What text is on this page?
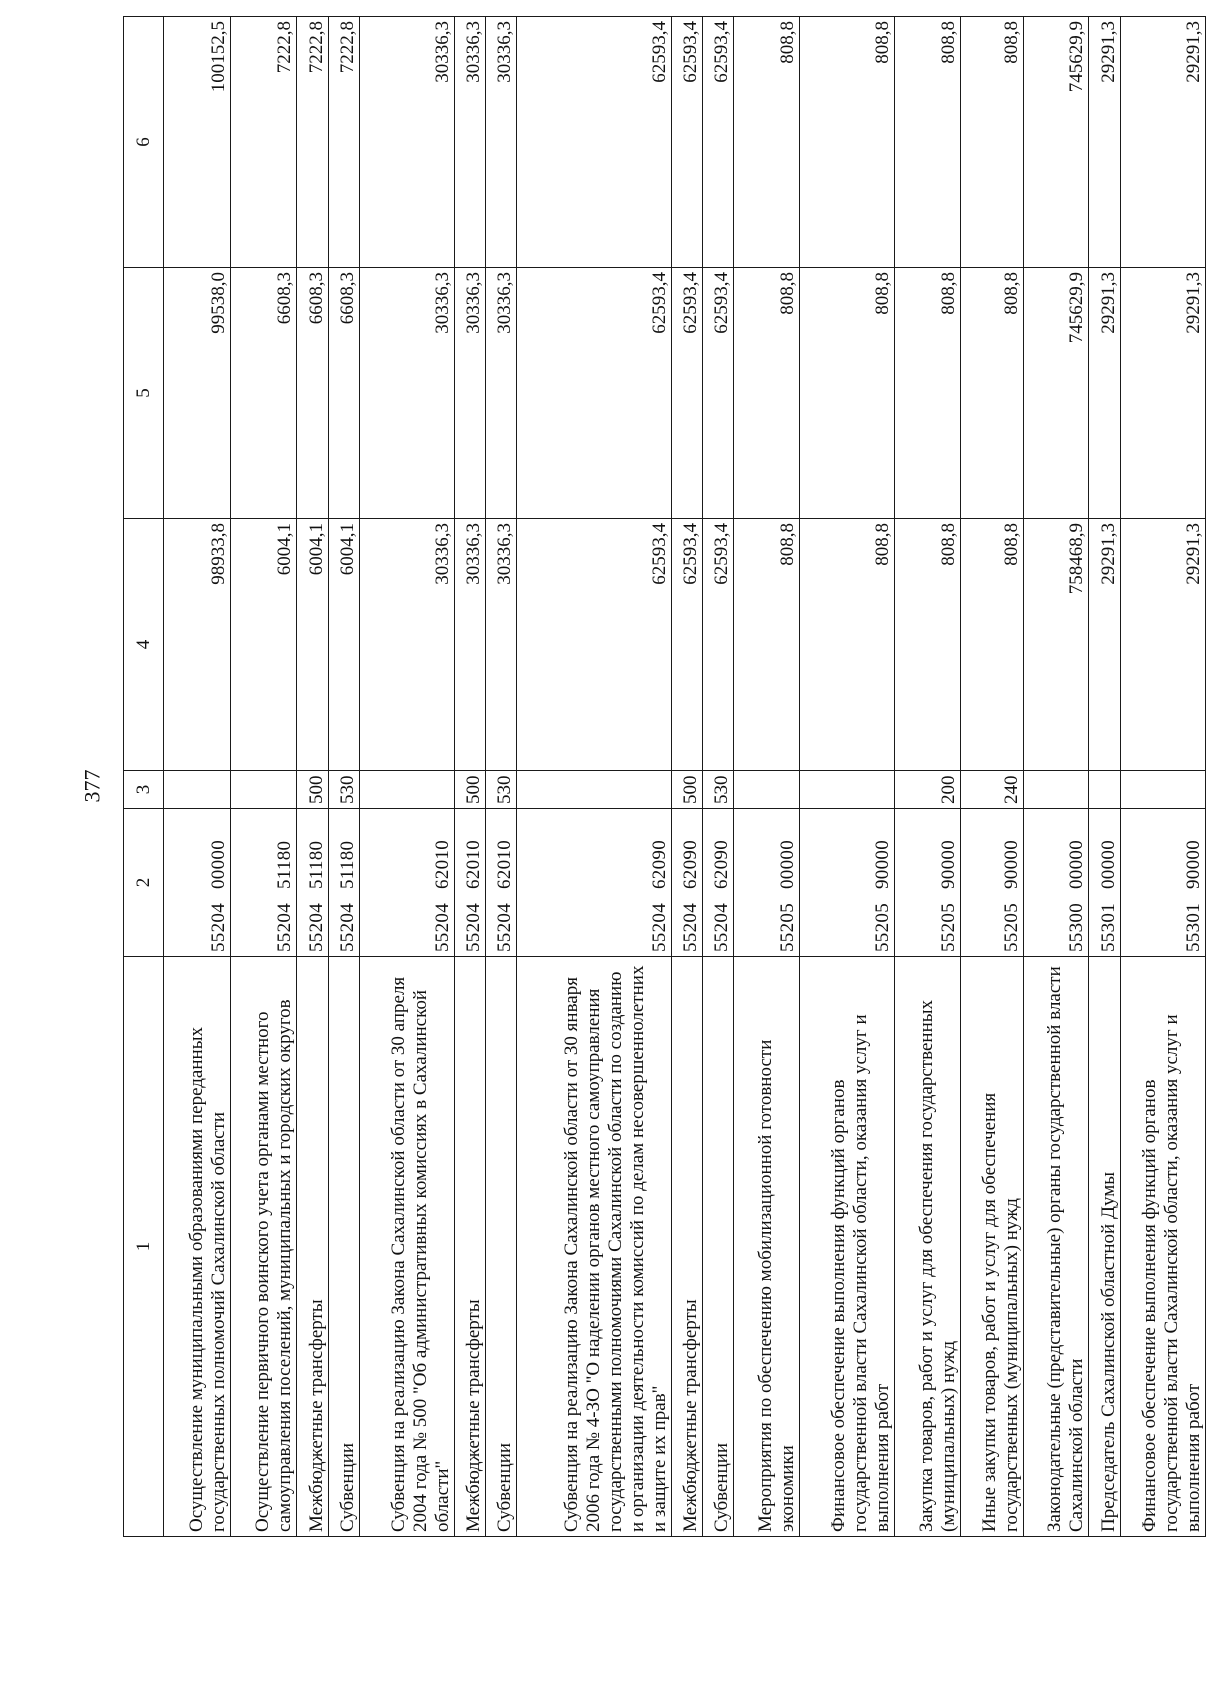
377
1	2	3	4	5	6
Осуществление муниципальными образованиями переданных государственных полномочий Сахалинской области	5520400000		98933,8	99538,0	100152,5
Осуществление первичного воинского учета органами местного самоуправления поселений, муниципальных и городских округов	5520451180		6004,1	6608,3	7222,8
Межбюджетные трансферты	5520451180	500	6004,1	6608,3	7222,8
Субвенции	5520451180	530	6004,1	6608,3	7222,8
Субвенция на реализацию Закона Сахалинской области от 30 апреля 2004 года № 500 "Об административных комиссиях в Сахалинской области"	5520462010		30336,3	30336,3	30336,3
Межбюджетные трансферты	5520462010	500	30336,3	30336,3	30336,3
Субвенции	5520462010	530	30336,3	30336,3	30336,3
Субвенция на реализацию Закона Сахалинской области от 30 января 2006 года № 4-ЗО "О наделении органов местного самоуправления государственными полномочиями Сахалинской области по созданию и организации деятельности комиссий по делам несовершеннолетних и защите их прав"	5520462090		62593,4	62593,4	62593,4
Межбюджетные трансферты	5520462090	500	62593,4	62593,4	62593,4
Субвенции	5520462090	530	62593,4	62593,4	62593,4
Мероприятия по обеспечению мобилизационной готовности экономики	5520500000		808,8	808,8	808,8
Финансовое обеспечение выполнения функций органов государственной власти Сахалинской области, оказания услуг и выполнения работ	5520590000		808,8	808,8	808,8
Закупка товаров, работ и услуг для обеспечения государственных (муниципальных) нужд	5520590000	200	808,8	808,8	808,8
Иные закупки товаров, работ и услуг для обеспечения государственных (муниципальных) нужд	5520590000	240	808,8	808,8	808,8
Законодательные (представительные) органы государственной власти Сахалинской области	5530000000		758468,9	745629,9	745629,9
Председатель Сахалинской областной Думы	5530100000		29291,3	29291,3	29291,3
Финансовое обеспечение выполнения функций органов государственной власти Сахалинской области, оказания услуг и выполнения работ	5530190000		29291,3	29291,3	29291,3
